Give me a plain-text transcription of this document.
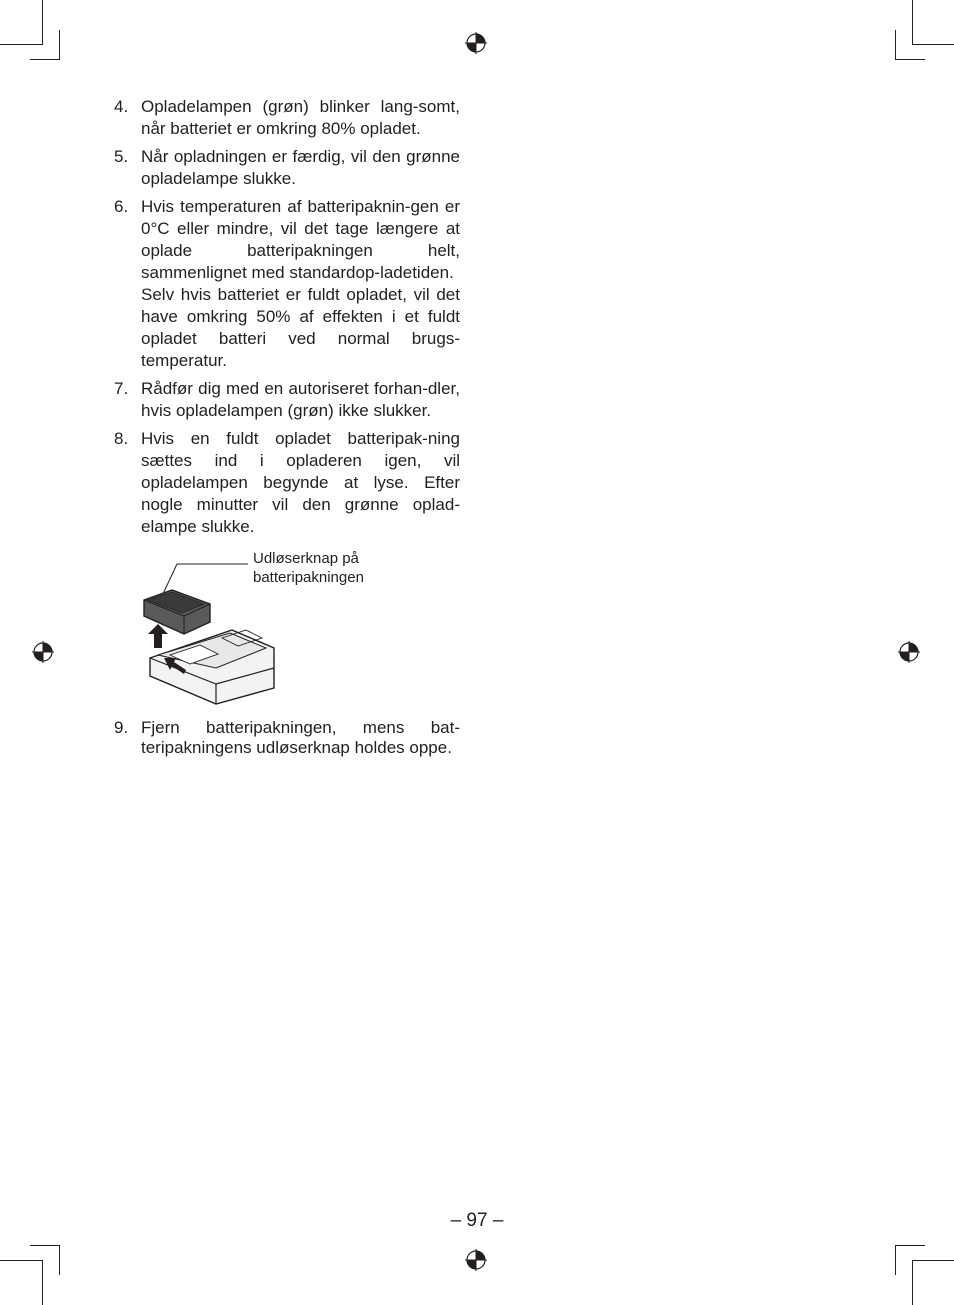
4. Opladelampen (grøn) blinker lang-somt, når batteriet er omkring 80% opladet.
5. Når opladningen er færdig, vil den grønne opladelampe slukke.
6. Hvis temperaturen af batteripaknin-gen er 0°C eller mindre, vil det tage længere at oplade batteripakningen helt, sammenlignet med standardop-ladetiden.
Selv hvis batteriet er fuldt opladet, vil det have omkring 50% af effekten i et fuldt opladet batteri ved normal brugs-temperatur.
7. Rådfør dig med en autoriseret forhan-dler, hvis opladelampen (grøn) ikke slukker.
8. Hvis en fuldt opladet batteripak-ning sættes ind i opladeren igen, vil opladelampen begynde at lyse. Efter nogle minutter vil den grønne oplad-elampe slukke.
Udløserknap på
batteripakningen
9. Fjern batteripakningen, mens bat-teripakningens udløserknap holdes oppe.
– 97 –
